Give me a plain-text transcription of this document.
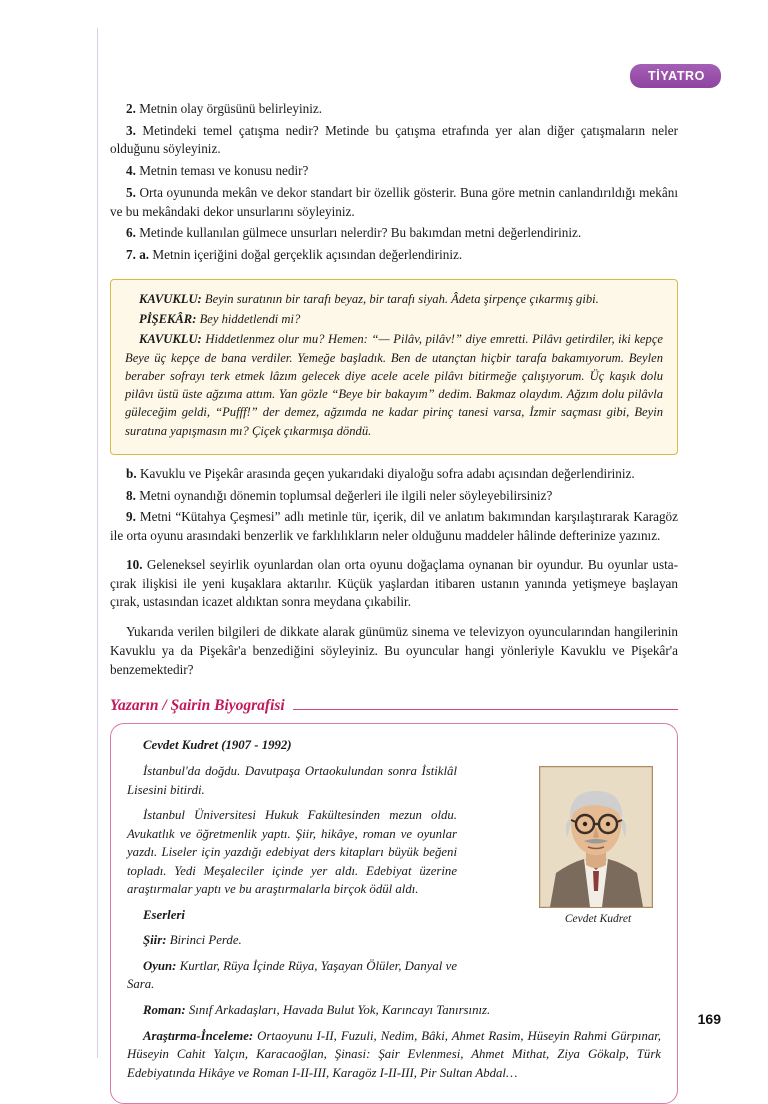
TİYATRO

2. Metnin olay örgüsünü belirleyiniz.

3. Metindeki temel çatışma nedir? Metinde bu çatışma etrafında yer alan diğer çatışmaların neler olduğunu söyleyiniz.

4. Metnin teması ve konusu nedir?

5. Orta oyununda mekân ve dekor standart bir özellik gösterir. Buna göre metnin canlandırıldığı mekânı ve bu mekândaki dekor unsurlarını söyleyiniz.

6. Metinde kullanılan gülmece unsurları nelerdir? Bu bakımdan metni değerlendiriniz.

7. a. Metnin içeriğini doğal gerçeklik açısından değerlendiriniz.

KAVUKLU: Beyin suratının bir tarafı beyaz, bir tarafı siyah. Âdeta şirpençe çıkarmış gibi.

PİŞEKÂR: Bey hiddetlendi mi?

KAVUKLU: Hiddetlenmez olur mu? Hemen: “— Pilâv, pilâv!” diye emretti. Pilâvı getirdiler, iki kepçe Beye üç kepçe de bana verdiler. Yemeğe başladık. Ben de utançtan hiçbir tarafa bakamıyorum. Beylen beraber sofrayı terk etmek lâzım gelecek diye acele acele pilâvı bitirmeğe çalışıyorum. Üç kaşık dolu pilâvı üstü üste ağzıma attım. Yan gözle “Beye bir bakayım” dedim. Bakmaz olaydım. Ağzım dolu pilâvla güleceğim geldi, “Pufff!” der demez, ağzımda ne kadar pirinç tanesi varsa, İzmir saçması gibi, Beyin suratına yapışmasın mı? Çiçek çıkarmışa döndü.

b. Kavuklu ve Pişekâr arasında geçen yukarıdaki diyaloğu sofra adabı açısından değerlendiriniz.

8. Metni oynandığı dönemin toplumsal değerleri ile ilgili neler söyleyebilirsiniz?

9. Metni “Kütahya Çeşmesi” adlı metinle tür, içerik, dil ve anlatım bakımından karşılaştırarak Karagöz ile orta oyunu arasındaki benzerlik ve farklılıkların neler olduğunu maddeler hâlinde defterinize yazınız.

10. Geleneksel seyirlik oyunlardan olan orta oyunu doğaçlama oynanan bir oyundur. Bu oyunlar usta-çırak ilişkisi ile yeni kuşaklara aktarılır. Küçük yaşlardan itibaren ustanın yanında yetişmeye başlayan çırak, ustasından icazet aldıktan sonra meydana çıkabilir.

Yukarıda verilen bilgileri de dikkate alarak günümüz sinema ve televizyon oyuncularından hangilerinin Kavuklu ya da Pişekâr'a benzediğini söyleyiniz. Bu oyuncular hangi yönleriyle Kavuklu ve Pişekâr'a benzemektedir?

Yazarın / Şairin Biyografisi

Cevdet Kudret (1907 - 1992)

İstanbul'da doğdu. Davutpaşa Ortaokulundan sonra İstiklâl Lisesini bitirdi.

İstanbul Üniversitesi Hukuk Fakültesinden mezun oldu. Avukatlık ve öğretmenlik yaptı. Şiir, hikâye, roman ve oyunlar yazdı. Liseler için yazdığı edebiyat ders kitapları büyük beğeni topladı. Yedi Meşaleciler içinde yer aldı. Edebiyat üzerine araştırmalar yaptı ve bu araştırmalarla birçok ödül aldı.

Eserleri

Şiir: Birinci Perde.

Oyun: Kurtlar, Rüya İçinde Rüya, Yaşayan Ölüler, Danyal ve Sara.

Roman: Sınıf Arkadaşları, Havada Bulut Yok, Karıncayı Tanırsınız.

Araştırma-İnceleme: Ortaoyunu I-II, Fuzuli, Nedim, Bâki, Ahmet Rasim, Hüseyin Rahmi Gürpınar, Hüseyin Cahit Yalçın, Karacaoğlan, Şinasi: Şair Evlenmesi, Ahmet Mithat, Ziya Gökalp, Türk Edebiyatında Hikâye ve Roman I-II-III, Karagöz I-II-III, Pir Sultan Abdal…

Cevdet Kudret
169
